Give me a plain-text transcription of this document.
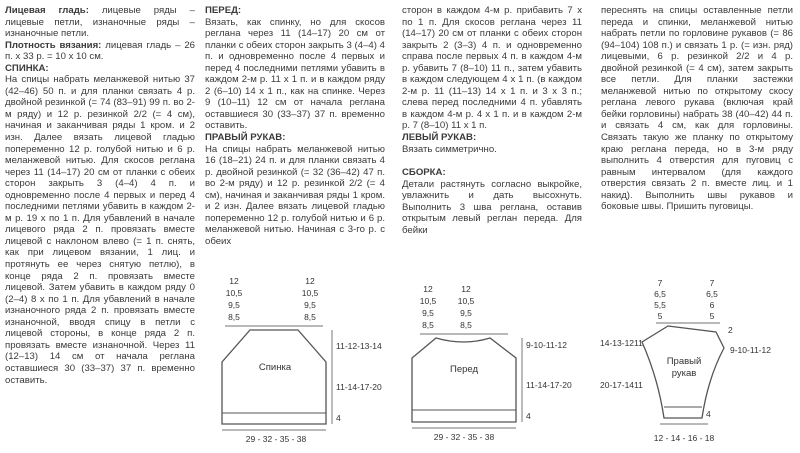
Лицевая гладь: лицевые ряды – лицевые петли, изнаночные ряды – изнаночные петли.

Плотность вязания: лицевая гладь – 26 п. х 33 р. = 10 х 10 см.

СПИНКА:

На спицы набрать меланжевой нитью 37 (42–46) 50 п. и для планки связать 4 р. двойной резинкой (= 74 (83–91) 99 п. во 2-м ряду) и 12 р. резинкой 2/2 (= 4 см), начиная и заканчивая ряды 1 кром. и 2 изн. Далее вязать лицевой гладью попеременно 12 р. голубой нитью и 6 р. меланжевой нитью. Для скосов реглана через 11 (14–17) 20 см от планки с обеих сторон закрыть 3 (4–4) 4 п. и одновременно после 4 первых и перед 4 последними петлями убавить в каждом 2-м р. 19 х по 1 п. Для убавлений в начале лицевого ряда 2 п. провязать вместе лицевой с наклоном влево (= 1 п. снять, как при лицевом вязании, 1 лиц. и протянуть ее через снятую петлю), в конце ряда 2 п. провязать вместе лицевой. Затем убавить в каждом ряду 0 (2–4) 8 х по 1 п. Для убавлений в начале изнаночного ряда 2 п. провязать вместе изнаночной, вводя спицу в петли с лицевой стороны, в конце ряда 2 п. провязать вместе изнаночной. Через 11 (12–13) 14 см от начала реглана оставшиеся 30 (33–37) 37 п. временно оставить.

ПЕРЕД:

Вязать, как спинку, но для скосов реглана через 11 (14–17) 20 см от планки с обеих сторон закрыть 3 (4–4) 4 п. и одновременно после 4 первых и перед 4 последними петлями убавить в каждом 2-м р. 11 х 1 п. и в каждом ряду 2 (6–10) 14 х 1 п., как на спинке. Через 9 (10–11) 12 см от начала реглана оставшиеся 30 (33–37) 37 п. временно оставить.

ПРАВЫЙ РУКАВ:

На спицы набрать меланжевой нитью 16 (18–21) 24 п. и для планки связать 4 р. двойной резинкой (= 32 (36–42) 47 п. во 2-м ряду) и 12 р. резинкой 2/2 (= 4 см), начиная и заканчивая ряды 1 кром. и 2 изн. Далее вязать лицевой гладью попеременно 12 р. голубой нитью и 6 р. меланжевой нитью. Начиная с 3-го р. с обеих

сторон в каждом 4-м р. прибавить 7 х по 1 п. Для скосов реглана через 11 (14–17) 20 см от планки с обеих сторон закрыть 2 (3–3) 4 п. и одновременно справа после первых 4 п. в каждом 4-м р. убавить 7 (8–10) 11 п., затем убавить в каждом следующем 4 х 1 п. (в каждом 2-м р. 11 (11–13) 14 х 1 п. и 3 х 3 п.; слева перед последними 4 п. убавлять в каждом 4-м р. 4 х 1 п. и в каждом 2-м р. 7 (8–10) 11 х 1 п.

ЛЕВЫЙ РУКАВ:

Вязать симметрично.

СБОРКА:

Детали растянуть согласно выкройке, увлажнить и дать высохнуть. Выполнить 3 шва реглана, оставив открытым левый реглан переда. Для бейки

переснять на спицы оставленные петли переда и спинки, меланжевой нитью набрать петли по горловине рукавов (= 86 (94–104) 108 п.) и связать 1 р. (= изн. ряд) лицевыми, 6 р. резинкой 2/2 и 4 р. двойной резинкой (= 4 см), затем закрыть все петли. Для планки застежки меланжевой нитью по открытому скосу реглана левого рукава (включая край бейки горловины) набрать 38 (40–42) 44 п. и связать 4 см, как для горловины. Связать такую же планку по открытому краю реглана переда, но в 3-м ряду выполнить 4 отверстия для пуговиц с равным интервалом (для каждого отверстия связать 2 п. вместе лиц. и 1 накид). Выполнить швы рукавов и боковые швы. Пришить пуговицы.

12
10,5
9,5
8,5
12
10,5
9,5
8,5
11-12-13-14
11-14-17-20
4
Спинка
29 - 32 - 35 - 38
12
10,5
9,5
8,5
12
10,5
9,5
8,5
9-10-11-12
11-14-17-20
4
Перед
29 - 32 - 35 - 38
7
6,5
5,5
5
7
6,5
6
5
2
9-10-11-12
14-13-1211
20-17-1411
4
Правый
рукав
12 - 14 - 16 - 18
